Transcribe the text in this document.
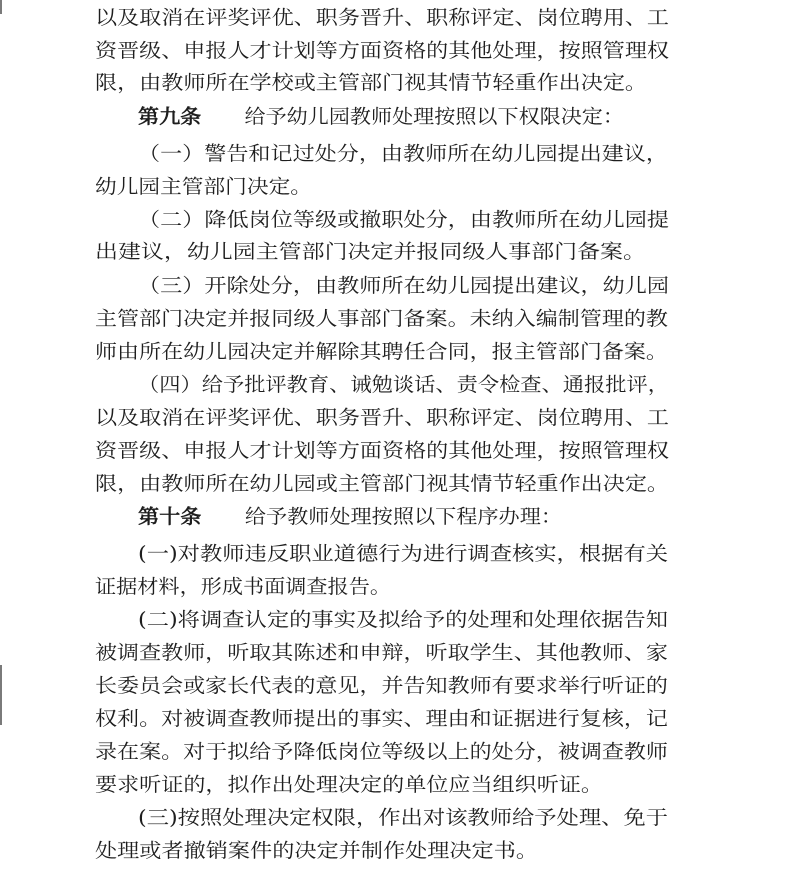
以及取消在评奖评优、职务晋升、职称评定、岗位聘用、工
资晋级、申报人才计划等方面资格的其他处理，按照管理权
限，由教师所在学校或主管部门视其情节轻重作出决定。
第九条 给予幼儿园教师处理按照以下权限决定：
（一）警告和记过处分，由教师所在幼儿园提出建议，
幼儿园主管部门决定。
（二）降低岗位等级或撤职处分，由教师所在幼儿园提
出建议，幼儿园主管部门决定并报同级人事部门备案。
（三）开除处分，由教师所在幼儿园提出建议，幼儿园
主管部门决定并报同级人事部门备案。未纳入编制管理的教
师由所在幼儿园决定并解除其聘任合同，报主管部门备案。
（四）给予批评教育、诫勉谈话、责令检查、通报批评，
以及取消在评奖评优、职务晋升、职称评定、岗位聘用、工
资晋级、申报人才计划等方面资格的其他处理，按照管理权
限，由教师所在幼儿园或主管部门视其情节轻重作出决定。
第十条 给予教师处理按照以下程序办理：
(一)对教师违反职业道德行为进行调查核实，根据有关
证据材料，形成书面调查报告。
(二)将调查认定的事实及拟给予的处理和处理依据告知
被调查教师，听取其陈述和申辩，听取学生、其他教师、家
长委员会或家长代表的意见，并告知教师有要求举行听证的
权利。对被调查教师提出的事实、理由和证据进行复核，记
录在案。对于拟给予降低岗位等级以上的处分，被调查教师
要求听证的，拟作出处理决定的单位应当组织听证。
(三)按照处理决定权限，作出对该教师给予处理、免于
处理或者撤销案件的决定并制作处理决定书。
